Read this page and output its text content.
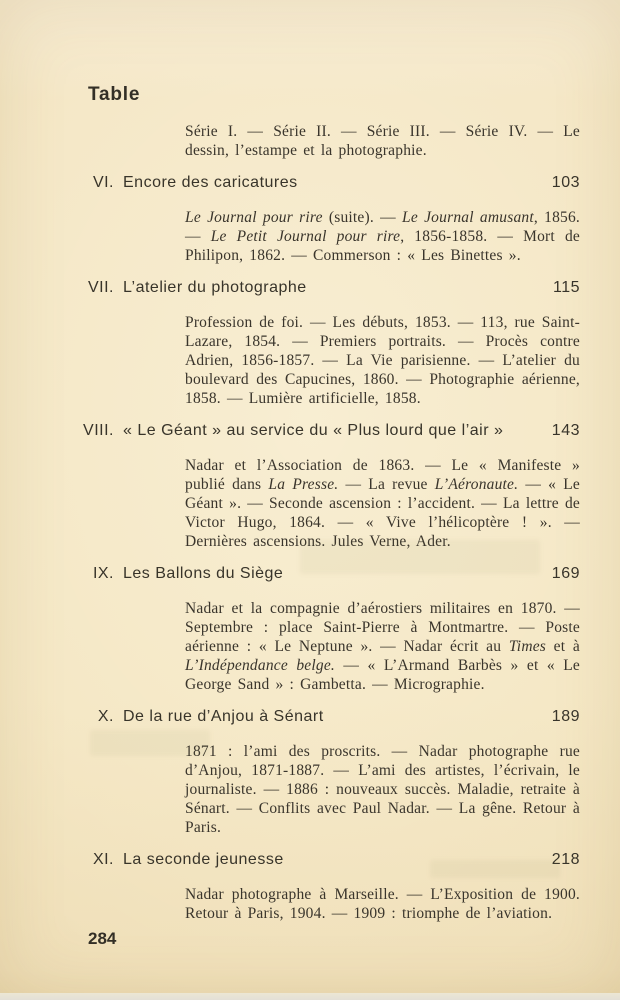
Table

Série I. — Série II. — Série III. — Série IV. — Le dessin, l’estampe et la photographie.

VI. Encore des caricatures	103

Le Journal pour rire (suite). — Le Journal amusant, 1856. — Le Petit Journal pour rire, 1856-1858. — Mort de Philipon, 1862. — Commerson : « Les Binettes ».

VII. L’atelier du photographe	115

Profession de foi. — Les débuts, 1853. — 113, rue Saint-Lazare, 1854. — Premiers portraits. — Procès contre Adrien, 1856-1857. — La Vie parisienne. — L’atelier du boulevard des Capucines, 1860. — Photographie aérienne, 1858. — Lumière artificielle, 1858.

VIII. « Le Géant » au service du « Plus lourd que l’air »	143

Nadar et l’Association de 1863. — Le « Manifeste » publié dans La Presse. — La revue L’Aéronaute. — « Le Géant ». — Seconde ascension : l’accident. — La lettre de Victor Hugo, 1864. — « Vive l’hélicoptère ! ». — Dernières ascensions. Jules Verne, Ader.

IX. Les Ballons du Siège	169

Nadar et la compagnie d’aérostiers militaires en 1870. — Septembre : place Saint-Pierre à Montmartre. — Poste aérienne : « Le Neptune ». — Nadar écrit au Times et à L’Indépendance belge. — « L’Armand Barbès » et « Le George Sand » : Gambetta. — Micrographie.

X. De la rue d’Anjou à Sénart	189

1871 : l’ami des proscrits. — Nadar photographe rue d’Anjou, 1871-1887. — L’ami des artistes, l’écrivain, le journaliste. — 1886 : nouveaux succès. Maladie, retraite à Sénart. — Conflits avec Paul Nadar. — La gêne. Retour à Paris.

XI. La seconde jeunesse	218

Nadar photographe à Marseille. — L’Exposition de 1900. Retour à Paris, 1904. — 1909 : triomphe de l’aviation.

284
